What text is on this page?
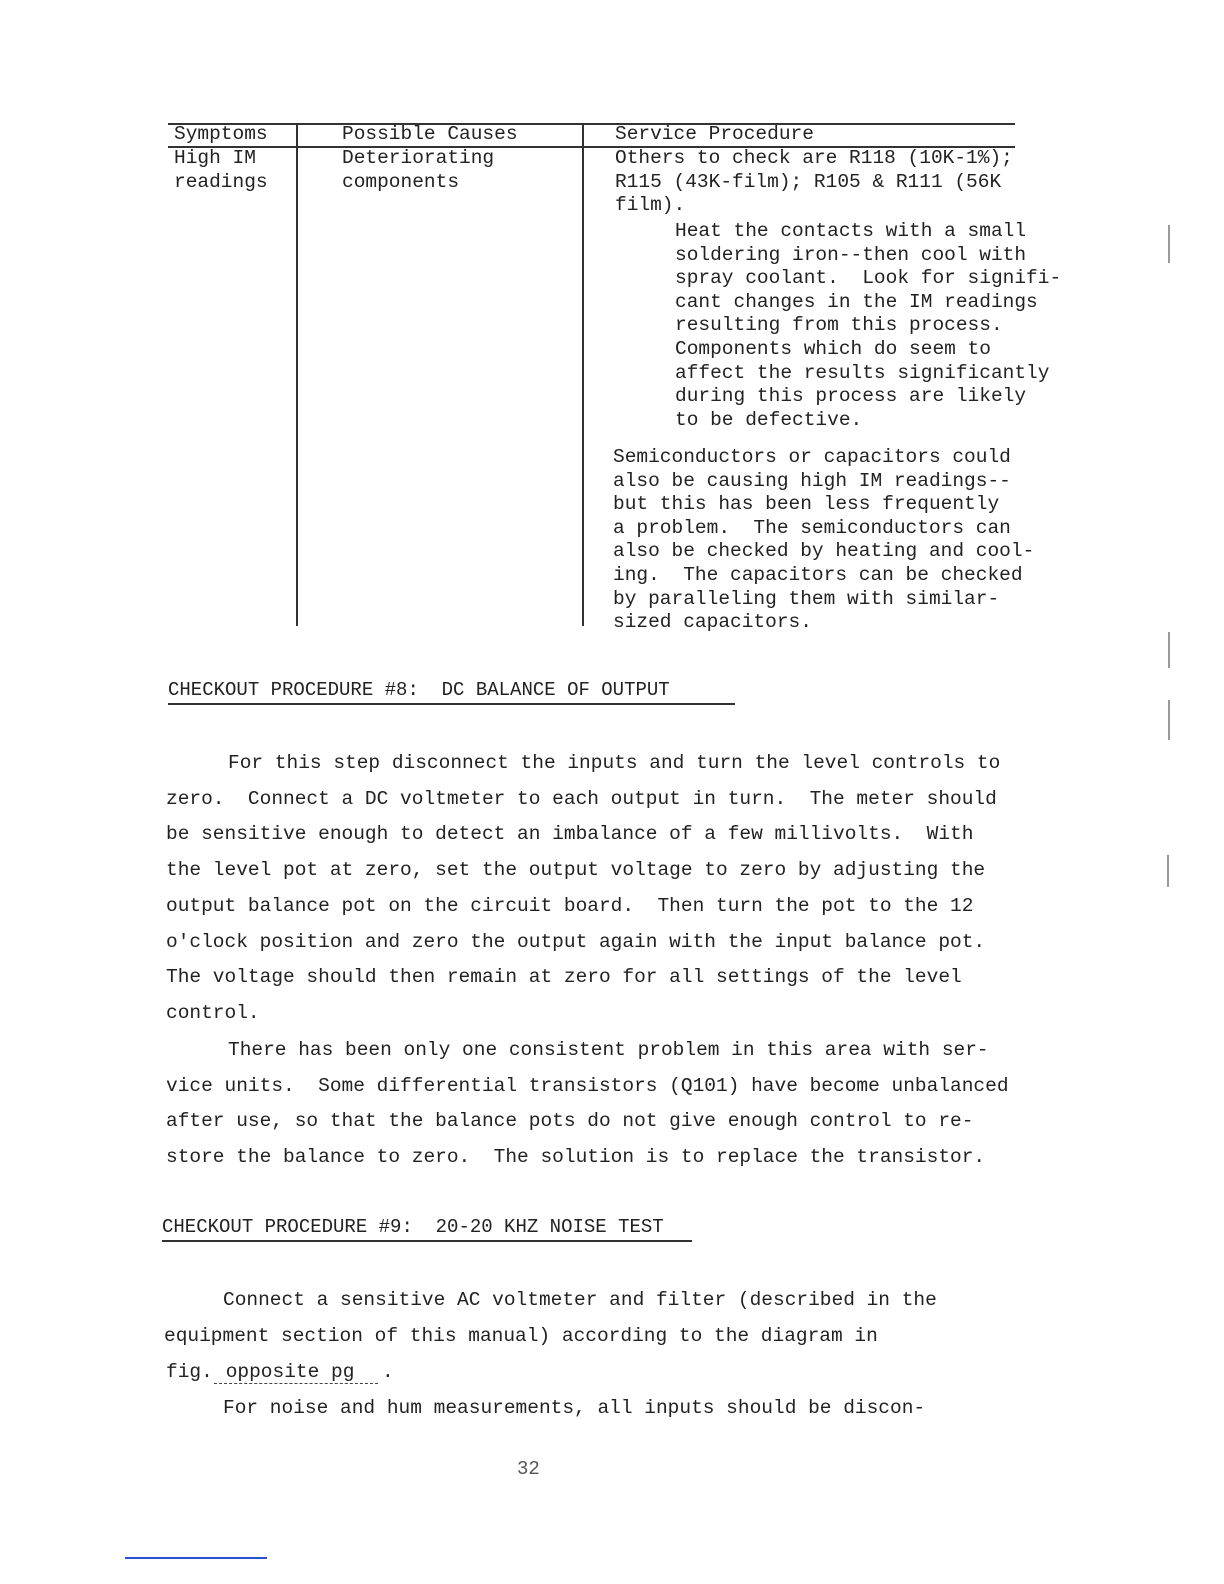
Symptoms	Possible Causes	Service Procedure
High IM
readings
Deteriorating
components
Others to check are R118 (10K-1%);
R115 (43K-film); R105 & R111 (56K
film).
Heat the contacts with a small
soldering iron--then cool with
spray coolant.  Look for signifi-
cant changes in the IM readings
resulting from this process.
Components which do seem to
affect the results significantly
during this process are likely
to be defective.
Semiconductors or capacitors could
also be causing high IM readings--
but this has been less frequently
a problem.  The semiconductors can
also be checked by heating and cool-
ing.  The capacitors can be checked
by paralleling them with similar-
sized capacitors.
CHECKOUT PROCEDURE #8:  DC BALANCE OF OUTPUT
For this step disconnect the inputs and turn the level controls to
zero.  Connect a DC voltmeter to each output in turn.  The meter should
be sensitive enough to detect an imbalance of a few millivolts.  With
the level pot at zero, set the output voltage to zero by adjusting the
output balance pot on the circuit board.  Then turn the pot to the 12
o'clock position and zero the output again with the input balance pot.
The voltage should then remain at zero for all settings of the level
control.
There has been only one consistent problem in this area with ser-
vice units.  Some differential transistors (Q101) have become unbalanced
after use, so that the balance pots do not give enough control to re-
store the balance to zero.  The solution is to replace the transistor.
CHECKOUT PROCEDURE #9:  20-20 KHZ NOISE TEST
Connect a sensitive AC voltmeter and filter (described in the
equipment section of this manual) according to the diagram in
For noise and hum measurements, all inputs should be discon-
fig. opposite pg .
32
